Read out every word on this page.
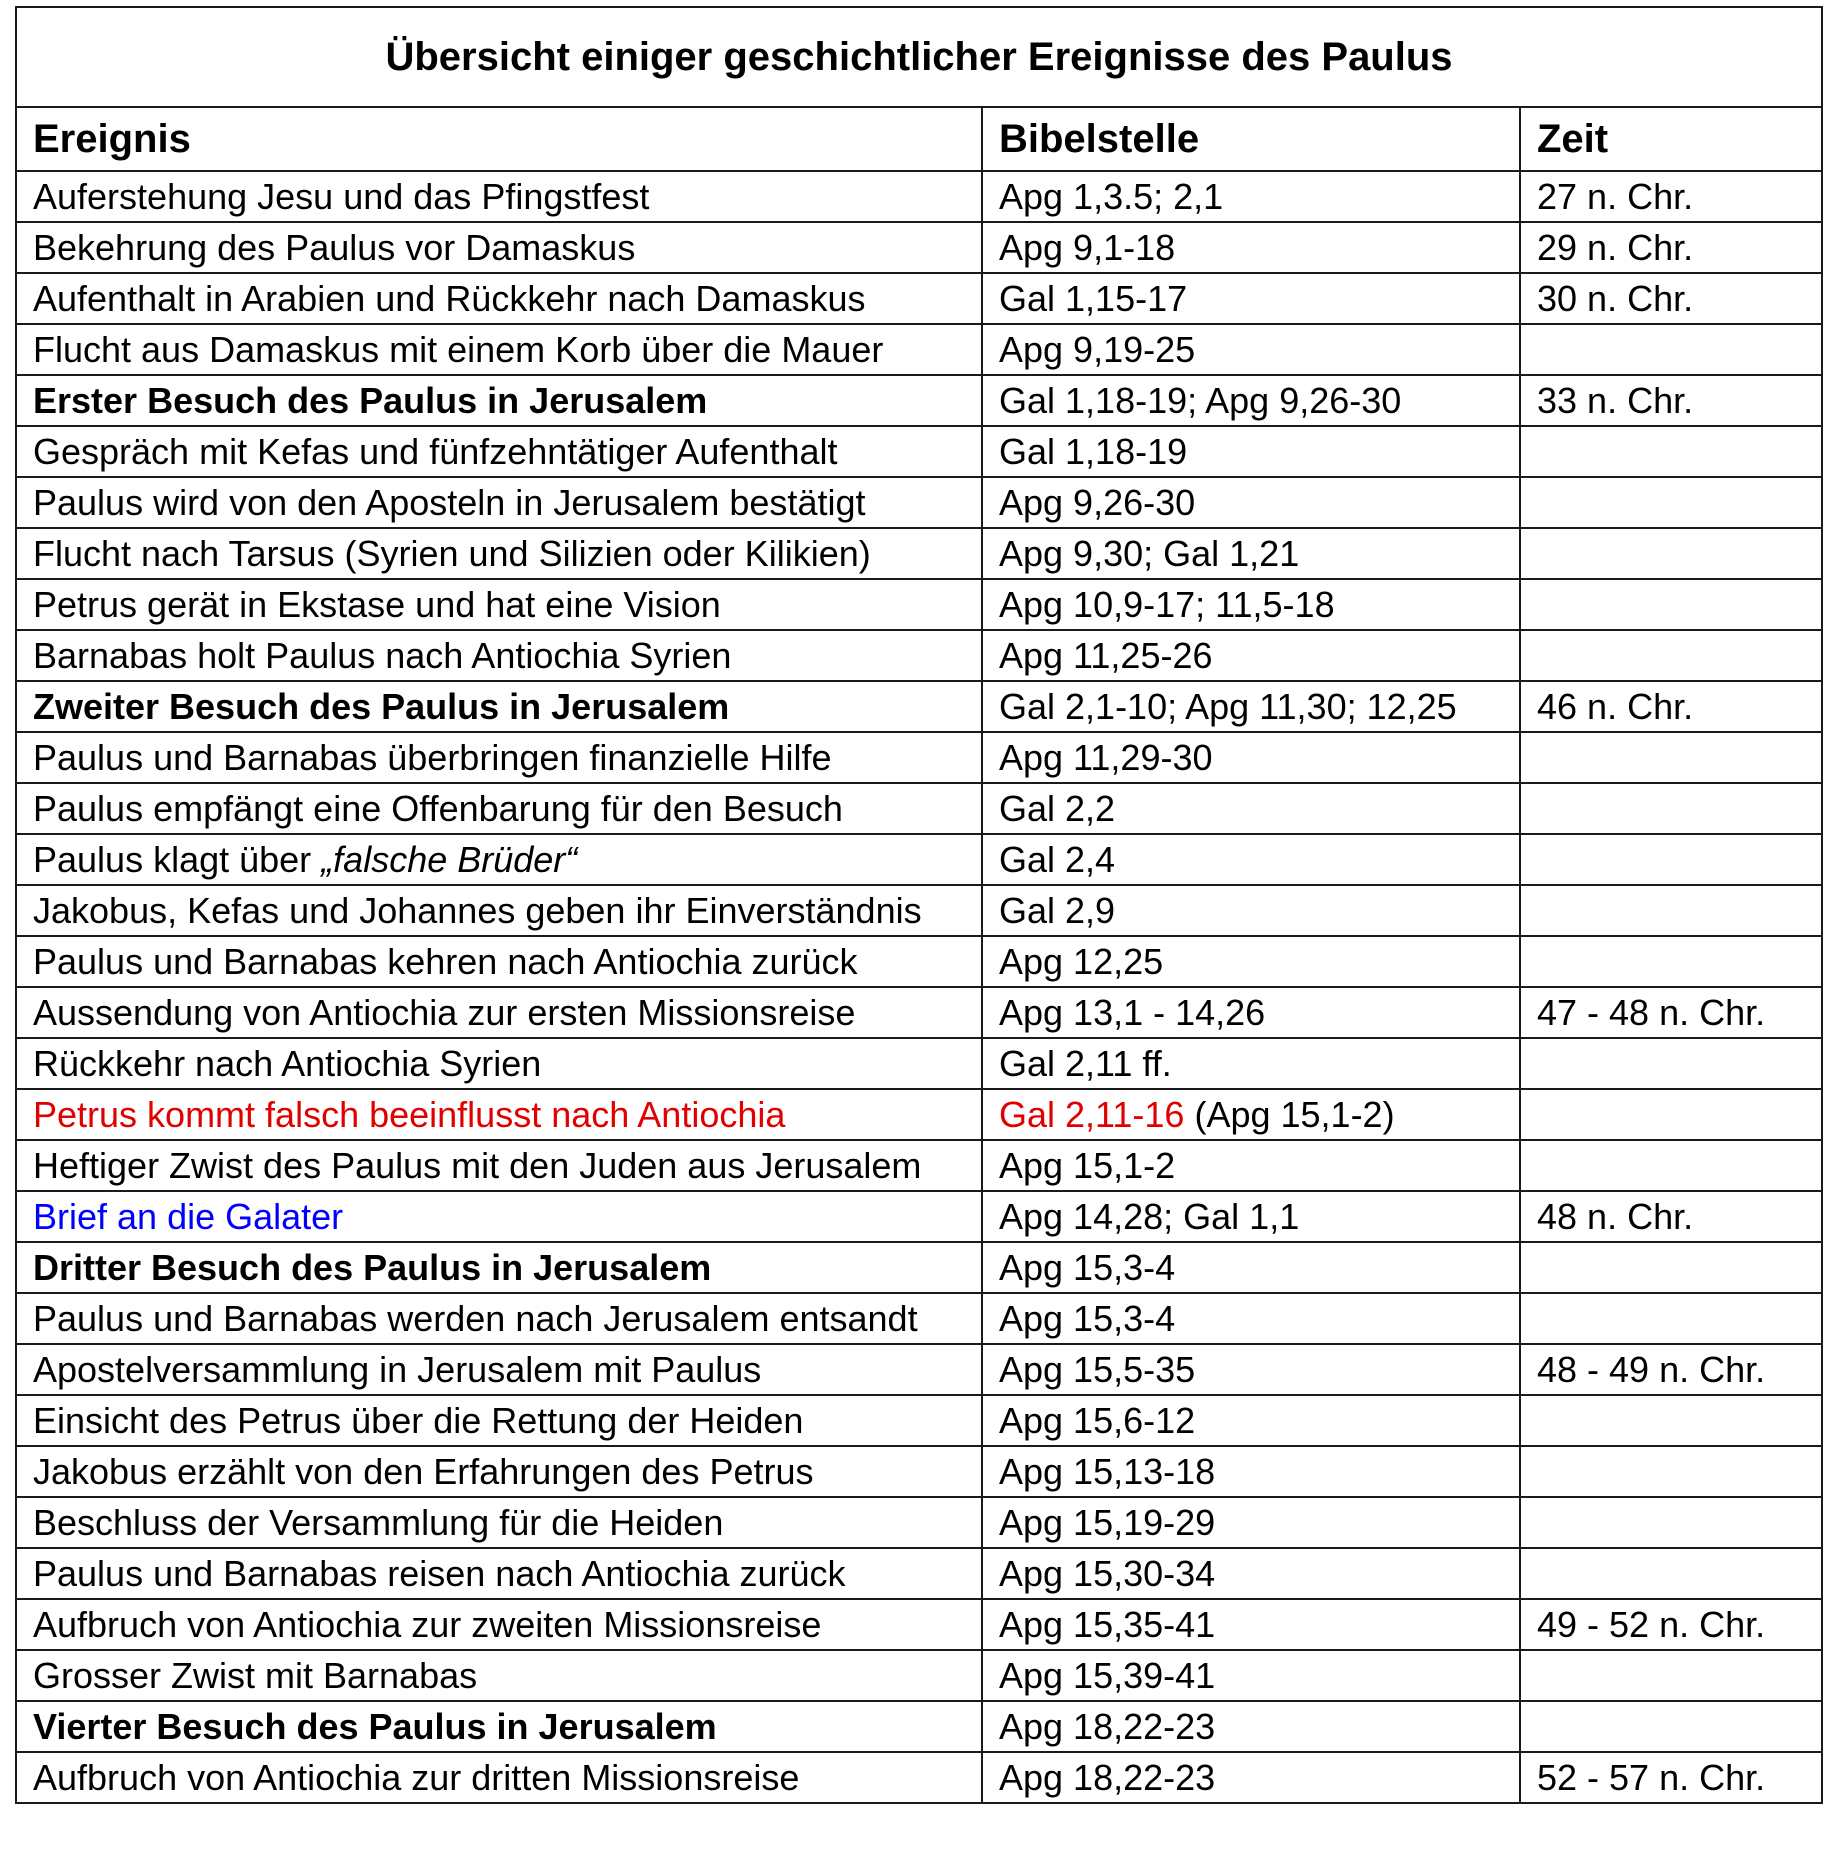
Übersicht einiger geschichtlicher Ereignisse des Paulus		
Ereignis	Bibelstelle	Zeit
Auferstehung Jesu und das Pfingstfest	Apg 1,3.5; 2,1	27 n. Chr.
Bekehrung des Paulus vor Damaskus	Apg 9,1-18	29 n. Chr.
Aufenthalt in Arabien und Rückkehr nach Damaskus	Gal 1,15-17	30 n. Chr.
Flucht aus Damaskus mit einem Korb über die Mauer	Apg 9,19-25	
Erster Besuch des Paulus in Jerusalem	Gal 1,18-19; Apg 9,26-30	33 n. Chr.
Gespräch mit Kefas und fünfzehntätiger Aufenthalt	Gal 1,18-19	
Paulus wird von den Aposteln in Jerusalem bestätigt	Apg 9,26-30	
Flucht nach Tarsus (Syrien und Silizien oder Kilikien)	Apg 9,30; Gal 1,21	
Petrus gerät in Ekstase und hat eine Vision	Apg 10,9-17; 11,5-18	
Barnabas holt Paulus nach Antiochia Syrien	Apg 11,25-26	
Zweiter Besuch des Paulus in Jerusalem	Gal 2,1-10; Apg 11,30; 12,25	46 n. Chr.
Paulus und Barnabas überbringen finanzielle Hilfe	Apg 11,29-30	
Paulus empfängt eine Offenbarung für den Besuch	Gal 2,2	
Paulus klagt über „falsche Brüder“	Gal 2,4	
Jakobus, Kefas und Johannes geben ihr Einverständnis	Gal 2,9	
Paulus und Barnabas kehren nach Antiochia zurück	Apg 12,25	
Aussendung von Antiochia zur ersten Missionsreise	Apg 13,1 - 14,26	47 - 48 n. Chr.
Rückkehr nach Antiochia Syrien	Gal 2,11 ff.	
Petrus kommt falsch beeinflusst nach Antiochia	Gal 2,11-16 (Apg 15,1-2)	
Heftiger Zwist des Paulus mit den Juden aus Jerusalem	Apg 15,1-2	
Brief an die Galater	Apg 14,28; Gal 1,1	48 n. Chr.
Dritter Besuch des Paulus in Jerusalem	Apg 15,3-4	
Paulus und Barnabas werden nach Jerusalem entsandt	Apg 15,3-4	
Apostelversammlung in Jerusalem mit Paulus	Apg 15,5-35	48 - 49 n. Chr.
Einsicht des Petrus über die Rettung der Heiden	Apg 15,6-12	
Jakobus erzählt von den Erfahrungen des Petrus	Apg 15,13-18	
Beschluss der Versammlung für die Heiden	Apg 15,19-29	
Paulus und Barnabas reisen nach Antiochia zurück	Apg 15,30-34	
Aufbruch von Antiochia zur zweiten Missionsreise	Apg 15,35-41	49 - 52 n. Chr.
Grosser Zwist mit Barnabas	Apg 15,39-41	
Vierter Besuch des Paulus in Jerusalem	Apg 18,22-23	
Aufbruch von Antiochia zur dritten Missionsreise	Apg 18,22-23	52 - 57 n. Chr.
